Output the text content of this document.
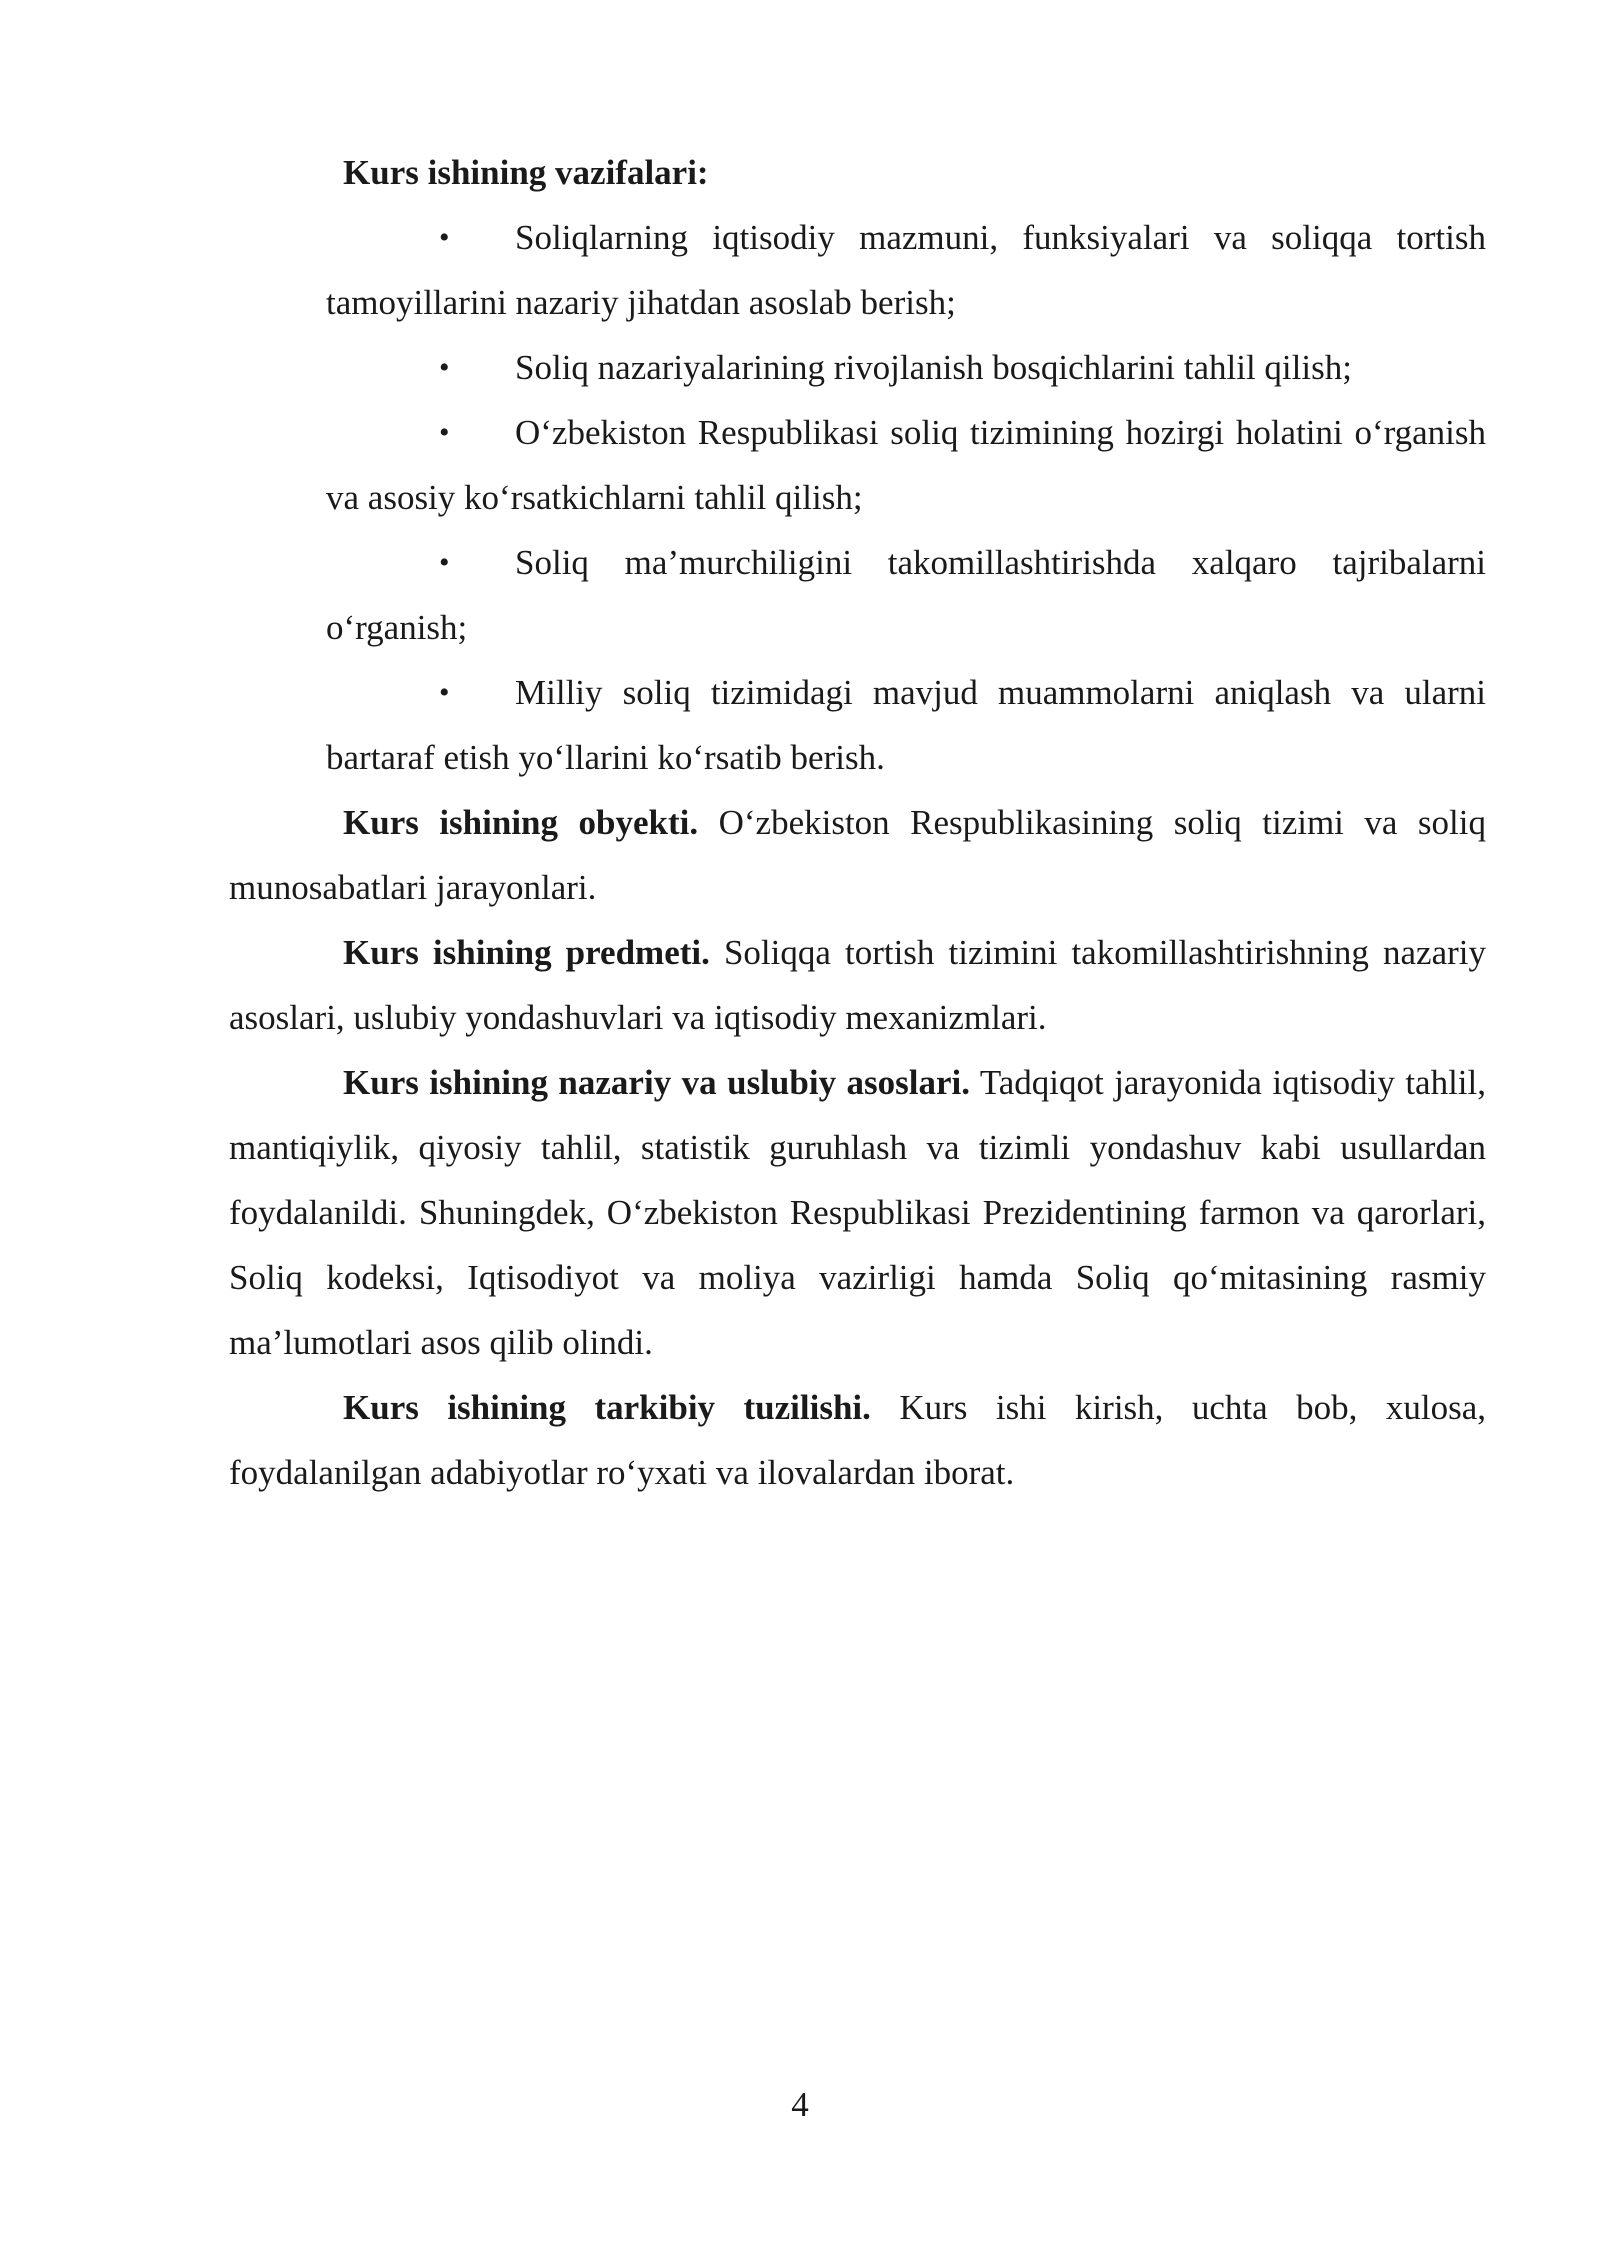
Kurs ishining vazifalari:
• Soliqlarning iqtisodiy mazmuni, funksiyalari va soliqqa tortish tamoyillarini nazariy jihatdan asoslab berish;
• Soliq nazariyalarining rivojlanish bosqichlarini tahlil qilish;
• O‘zbekiston Respublikasi soliq tizimining hozirgi holatini o‘rganish va asosiy ko‘rsatkichlarni tahlil qilish;
• Soliq ma’murchiligini takomillashtirishda xalqaro tajribalarni o‘rganish;
• Milliy soliq tizimidagi mavjud muammolarni aniqlash va ularni bartaraf etish yo‘llarini ko‘rsatib berish.
Kurs ishining obyekti. O‘zbekiston Respublikasining soliq tizimi va soliq munosabatlari jarayonlari.
Kurs ishining predmeti. Soliqqa tortish tizimini takomillashtirishning nazariy asoslari, uslubiy yondashuvlari va iqtisodiy mexanizmlari.
Kurs ishining nazariy va uslubiy asoslari. Tadqiqot jarayonida iqtisodiy tahlil, mantiqiylik, qiyosiy tahlil, statistik guruhlash va tizimli yondashuv kabi usullardan foydalanildi. Shuningdek, O‘zbekiston Respublikasi Prezidentining farmon va qarorlari, Soliq kodeksi, Iqtisodiyot va moliya vazirligi hamda Soliq qo‘mitasining rasmiy ma’lumotlari asos qilib olindi.
Kurs ishining tarkibiy tuzilishi. Kurs ishi kirish, uchta bob, xulosa, foydalanilgan adabiyotlar ro‘yxati va ilovalardan iborat.
4
